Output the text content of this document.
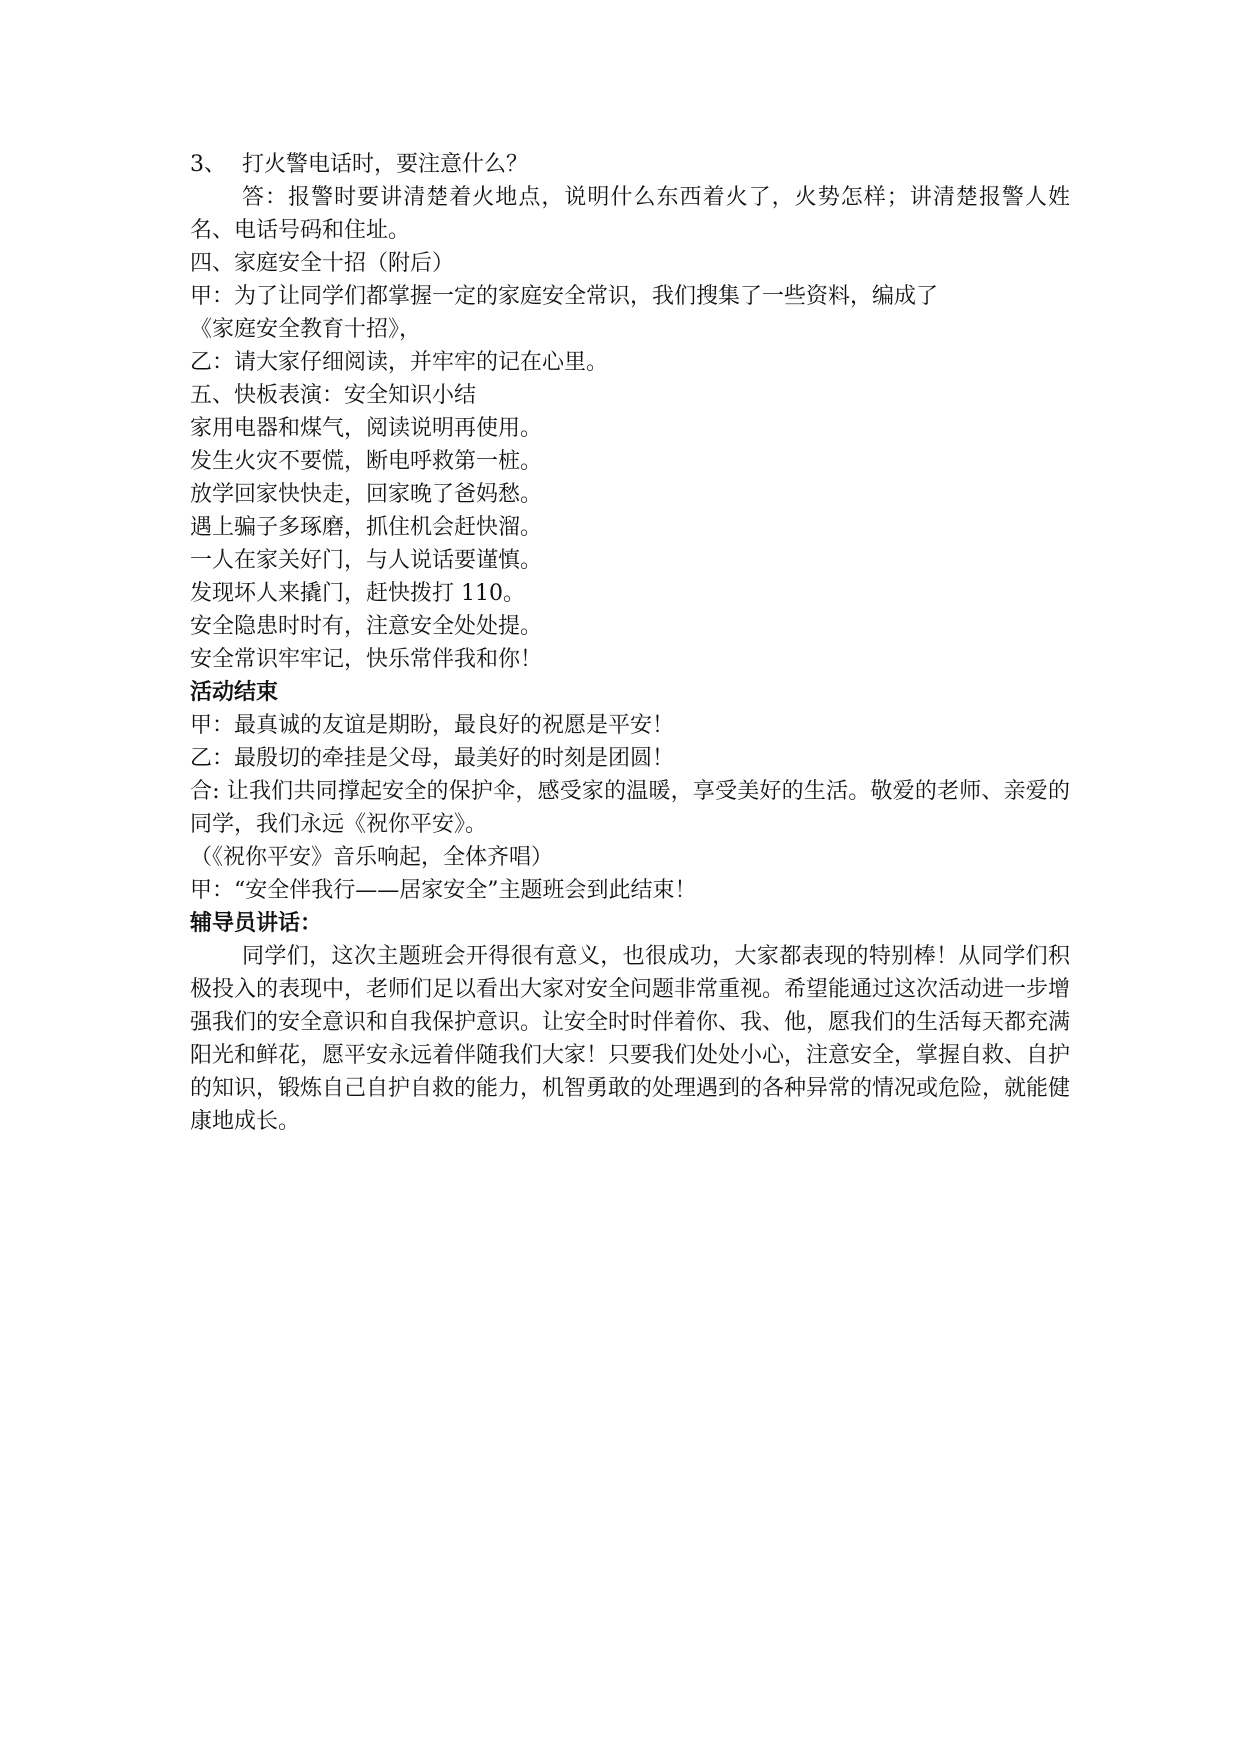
3、 打火警电话时，要注意什么？

答：报警时要讲清楚着火地点，说明什么东西着火了，火势怎样；讲清楚报警人姓名、电话号码和住址。

四、家庭安全十招（附后）
甲：为了让同学们都掌握一定的家庭安全常识，我们搜集了一些资料，编成了
《家庭安全教育十招》，
乙：请大家仔细阅读，并牢牢的记在心里。
五、快板表演：安全知识小结
家用电器和煤气，阅读说明再使用。
发生火灾不要慌，断电呼救第一桩。
放学回家快快走，回家晚了爸妈愁。
遇上骗子多琢磨，抓住机会赶快溜。
一人在家关好门，与人说话要谨慎。
发现坏人来撬门，赶快拨打 110。
安全隐患时时有，注意安全处处提。
安全常识牢牢记，快乐常伴我和你！
活动结束
甲：最真诚的友谊是期盼，最良好的祝愿是平安！
乙：最殷切的牵挂是父母，最美好的时刻是团圆！

合: 让我们共同撑起安全的保护伞，感受家的温暖，享受美好的生活。敬爱的老师、亲爱的同学，我们永远《祝你平安》。

（《祝你平安》音乐响起，全体齐唱）
甲：“安全伴我行——居家安全”主题班会到此结束！
辅导员讲话：

同学们，这次主题班会开得很有意义，也很成功，大家都表现的特别棒！从同学们积极投入的表现中，老师们足以看出大家对安全问题非常重视。希望能通过这次活动进一步增强我们的安全意识和自我保护意识。让安全时时伴着你、我、他，愿我们的生活每天都充满阳光和鲜花，愿平安永远着伴随我们大家！只要我们处处小心，注意安全，掌握自救、自护的知识，锻炼自己自护自救的能力，机智勇敢的处理遇到的各种异常的情况或危险，就能健康地成长。
